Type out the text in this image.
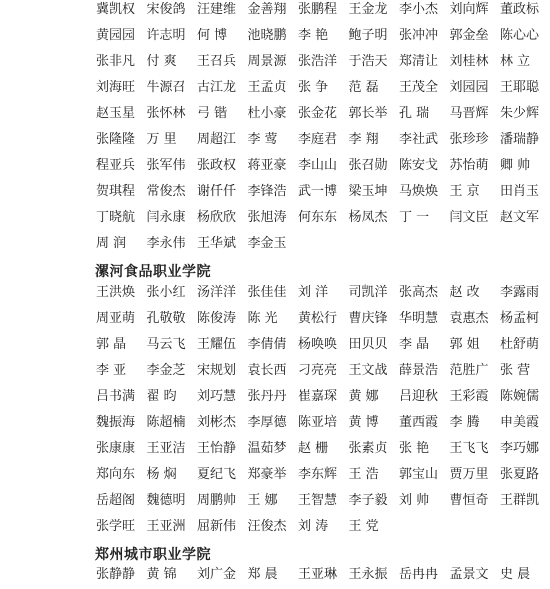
冀凯权 宋俊鸽 汪建维 金善翔 张鹏程 王金龙 李小杰 刘向辉 董政标
黄园园 许志明 何 博 池晓鹏 李 艳 鲍子明 张冲冲 郭金垒 陈心心
张非凡 付 爽 王召兵 周景源 张浩洋 于浩天 郑清让 刘桂林 林 立
刘海旺 牛源召 古江龙 王孟贞 张 争 范 磊 王茂全 刘园园 王耶聪
赵玉星 张怀林 弓 锴 杜小豪 张金花 郭长举 孔 瑞 马晋辉 朱少辉
张隆隆 万 里 周超江 李 莺 李庭君 李 翔 李社武 张珍珍 潘瑞静
程亚兵 张军伟 张政权 蒋亚豪 李山山 张召勋 陈安戈 苏怡萌 卿 帅
贺琪程 常俊杰 谢仟仟 李锋浩 武一博 梁玉坤 马焕焕 王 京 田肖玉
丁晓航 闫永康 杨欣欣 张旭涛 何东东 杨凤杰 丁 一 闫文臣 赵文军
周 润 李永伟 王华斌 李金玉
漯河食品职业学院
王洪焕 张小红 汤洋洋 张佳佳 刘 洋 司凯洋 张高杰 赵 改 李露雨
周亚萌 孔敬敬 陈俊涛 陈 光 黄松行 曹庆锋 华明慧 袁惠杰 杨孟柯
郭 晶 马云飞 王耀伍 李倩倩 杨唤唤 田贝贝 李 晶 郭 姐 杜舒萌
李 亚 李金芝 宋规划 袁长西 刁亮亮 王文战 薛景浩 范胜广 张 营
吕书满 翟 昀 刘巧慧 张丹丹 崔嘉琛 黄 娜 吕迎秋 王彩霞 陈婉儒
魏振海 陈超楠 刘彬杰 李厚德 陈亚培 黄 博 董西霞 李 腾 申美霞
张康康 王亚洁 王怡静 温茹梦 赵 栅 张素贞 张 艳 王飞飞 李巧娜
郑向东 杨 焖 夏纪飞 郑豪举 李东辉 王 浩 郭宝山 贾万里 张夏路
岳超阁 魏德明 周鹏帅 王 娜 王智慧 李子毅 刘 帅 曹恒奇 王群凯
张学旺 王亚洲 屈新伟 汪俊杰 刘 涛 王 党
郑州城市职业学院
张静静 黄 锦 刘广金 郑 晨 王亚琳 王永振 岳冉冉 孟景文 史 晨
